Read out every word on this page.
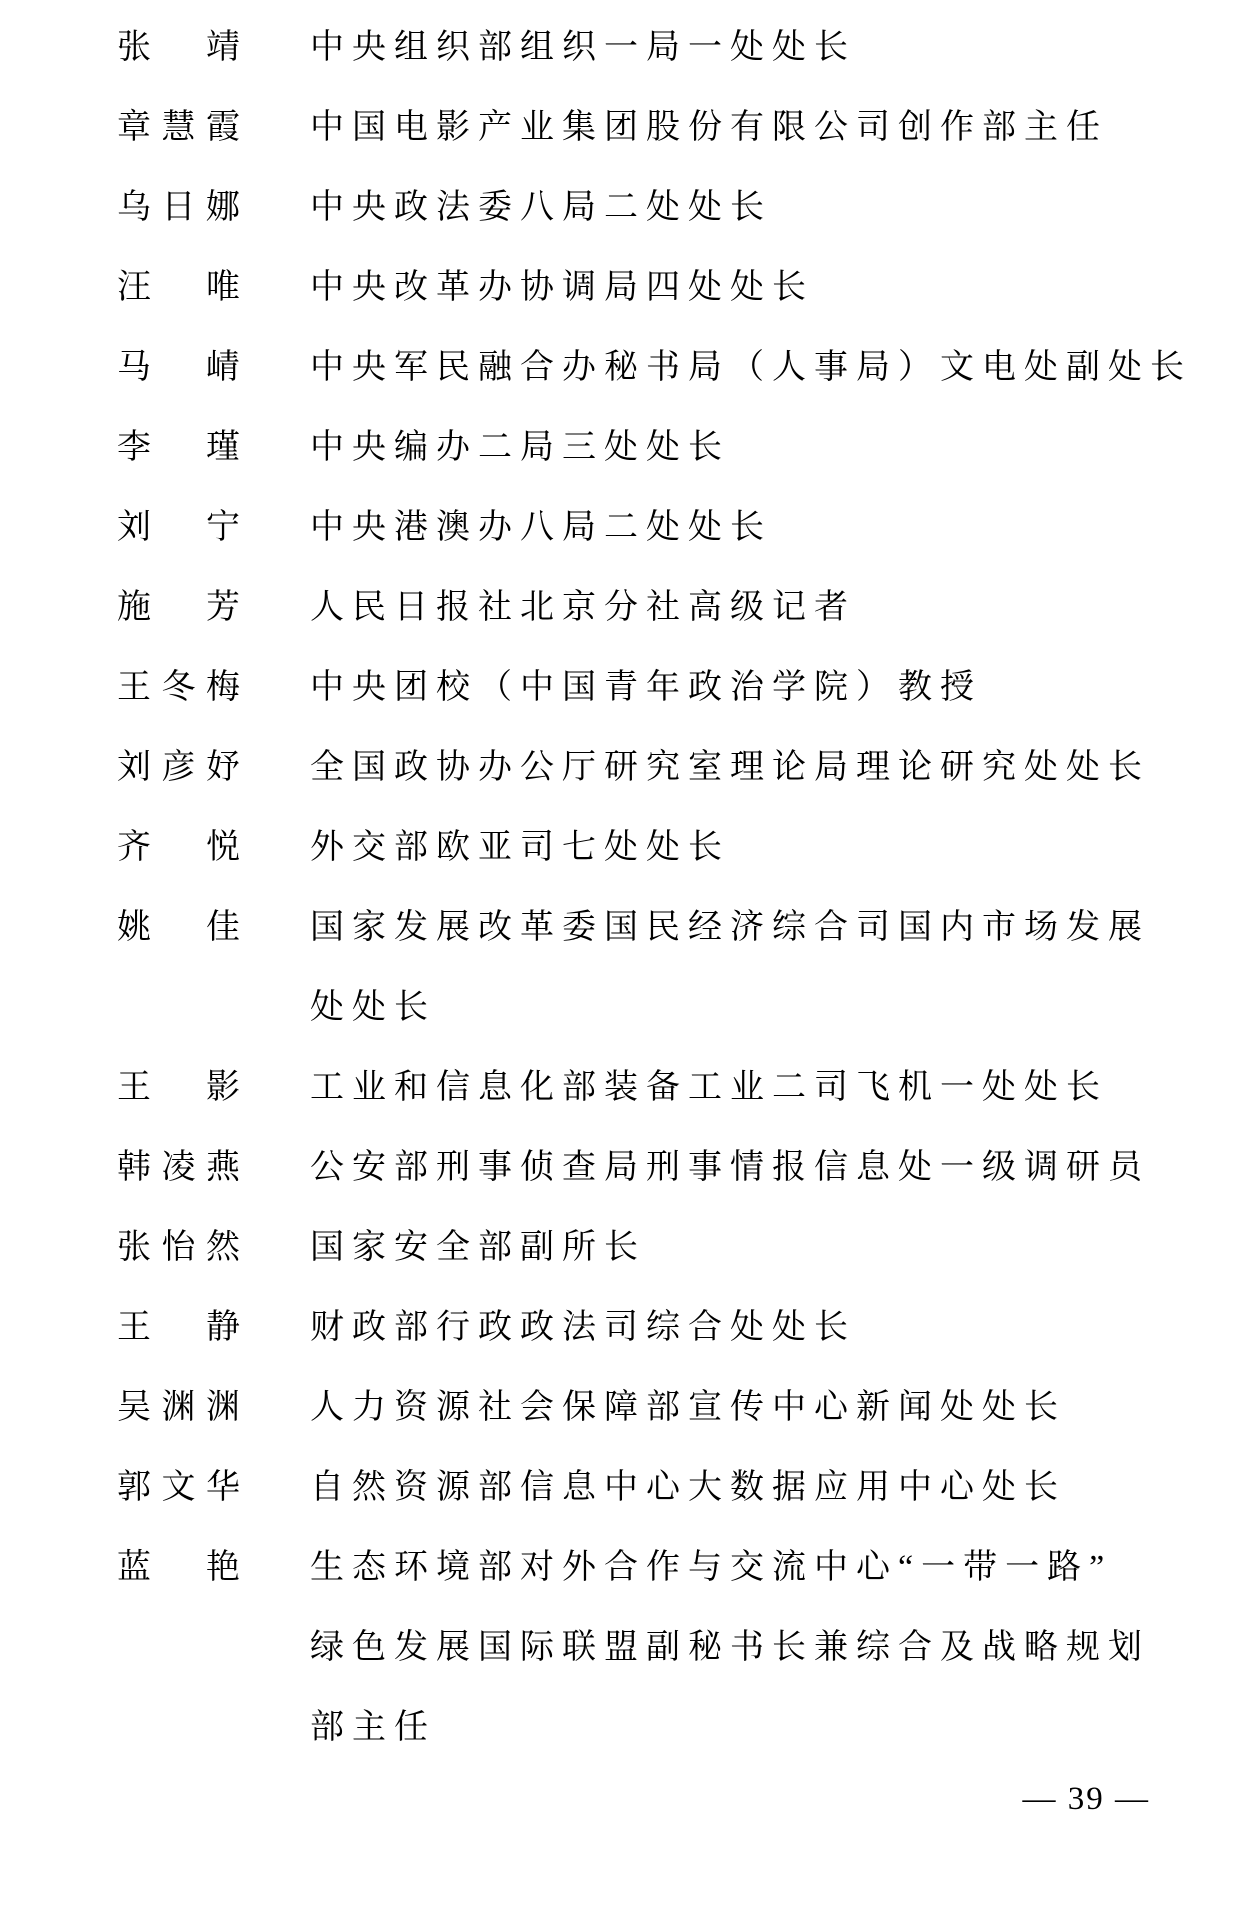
张靖 中央组织部组织一局一处处长
章慧霞 中国电影产业集团股份有限公司创作部主任
乌日娜 中央政法委八局二处处长
汪唯 中央改革办协调局四处处长
马崝 中央军民融合办秘书局（人事局）文电处副处长
李瑾 中央编办二局三处处长
刘宁 中央港澳办八局二处处长
施芳 人民日报社北京分社高级记者
王冬梅 中央团校（中国青年政治学院）教授
刘彦妤 全国政协办公厅研究室理论局理论研究处处长
齐悦 外交部欧亚司七处处长
姚佳 国家发展改革委国民经济综合司国内市场发展
处处长
王影 工业和信息化部装备工业二司飞机一处处长
韩凌燕 公安部刑事侦查局刑事情报信息处一级调研员
张怡然 国家安全部副所长
王静 财政部行政政法司综合处处长
吴渊渊 人力资源社会保障部宣传中心新闻处处长
郭文华 自然资源部信息中心大数据应用中心处长
蓝艳 生态环境部对外合作与交流中心“一带一路”
绿色发展国际联盟副秘书长兼综合及战略规划
部主任
— 39 —
